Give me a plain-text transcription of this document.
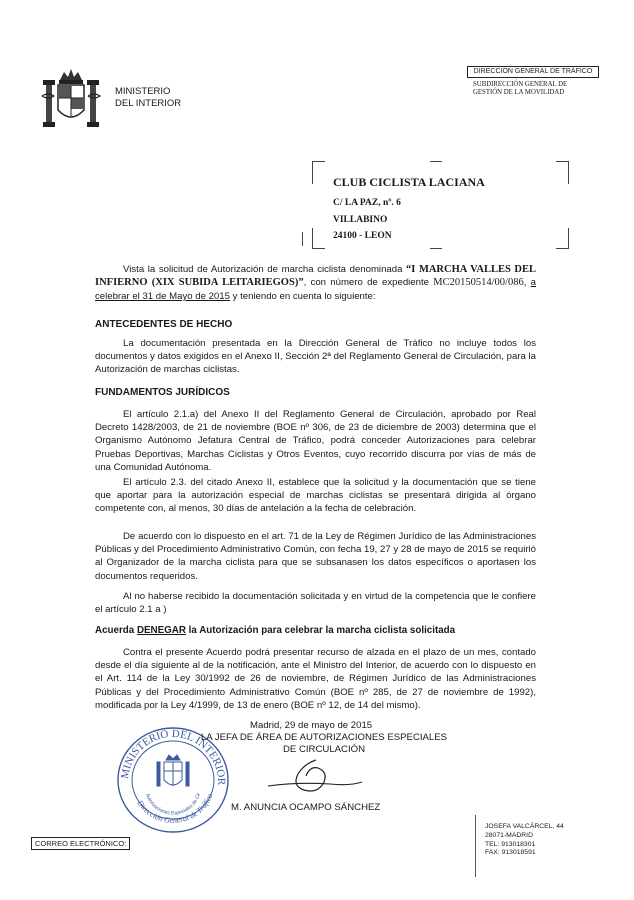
MINISTERIO
DEL INTERIOR
DIRECCIÓN GENERAL DE TRÁFICO
SUBDIRECCIÓN GENERAL DE
GESTIÓN DE LA MOVILIDAD
CLUB CICLISTA LACIANA
C/ LA PAZ, nº. 6
VILLABINO
24100 - LEON
Vista la solicitud de Autorización de marcha ciclista denominada “I MARCHA VALLES DEL INFIERNO (XIX SUBIDA LEITARIEGOS)”, con número de expediente MC20150514/00/086, a celebrar el 31 de Mayo de 2015 y teniendo en cuenta lo siguiente:
ANTECEDENTES DE HECHO
La documentación presentada en la Dirección General de Tráfico no incluye todos los documentos y datos exigidos en el Anexo II, Sección 2ª del Reglamento General de Circulación, para la Autorización de marchas ciclistas.
FUNDAMENTOS JURÍDICOS
El artículo 2.1.a) del Anexo II del Reglamento General de Circulación, aprobado por Real Decreto 1428/2003, de 21 de noviembre (BOE nº 306, de 23 de diciembre de 2003) determina que el Organismo Autónomo Jefatura Central de Tráfico, podrá conceder Autorizaciones para celebrar Pruebas Deportivas, Marchas Ciclistas y Otros Eventos, cuyo recorrido discurra por vías de más de una Comunidad Autónoma.
El artículo 2.3. del citado Anexo II, establece que la solicitud y la documentación que se tiene que aportar para la autorización especial de marchas ciclistas se presentará dirigida al órgano competente con, al menos, 30 días de antelación a la fecha de celebración.
De acuerdo con lo dispuesto en el art. 71 de la Ley de Régimen Jurídico de las Administraciones Públicas y del Procedimiento Administrativo Común, con fecha 19, 27 y 28 de mayo de 2015 se requirió al Organizador de la marcha ciclista para que se subsanasen los datos específicos o aportasen los documentos requeridos.
Al no haberse recibido la documentación solicitada y en virtud de la competencia que le confiere el artículo 2.1 a )
Acuerda DENEGAR la Autorización para celebrar la marcha ciclista solicitada
Contra el presente Acuerdo podrá presentar recurso de alzada en el plazo de un mes, contado desde el día siguiente al de la notificación, ante el Ministro del Interior, de acuerdo con lo dispuesto en el Art. 114 de la Ley 30/1992 de 26 de noviembre, de Régimen Jurídico de las Administraciones Públicas y del Procedimiento Administrativo Común (BOE nº 285, de 27 de noviembre de 1992), modificada por la Ley 4/1999, de 13 de enero (BOE nº 12, de 14 del mismo).
MINISTERIO DEL INTERIOR
Dirección General de Tráfico
Autorizaciones Especiales de Cir
Madrid, 29 de mayo de 2015
LA JEFA DE ÁREA DE AUTORIZACIONES ESPECIALES
DE CIRCULACIÓN
M. ANUNCIA OCAMPO SÁNCHEZ
JOSEFA VALCÁRCEL, 44
28071-MADRID
TEL: 913018301
FAX: 913018591
CORREO ELECTRÓNICO:
